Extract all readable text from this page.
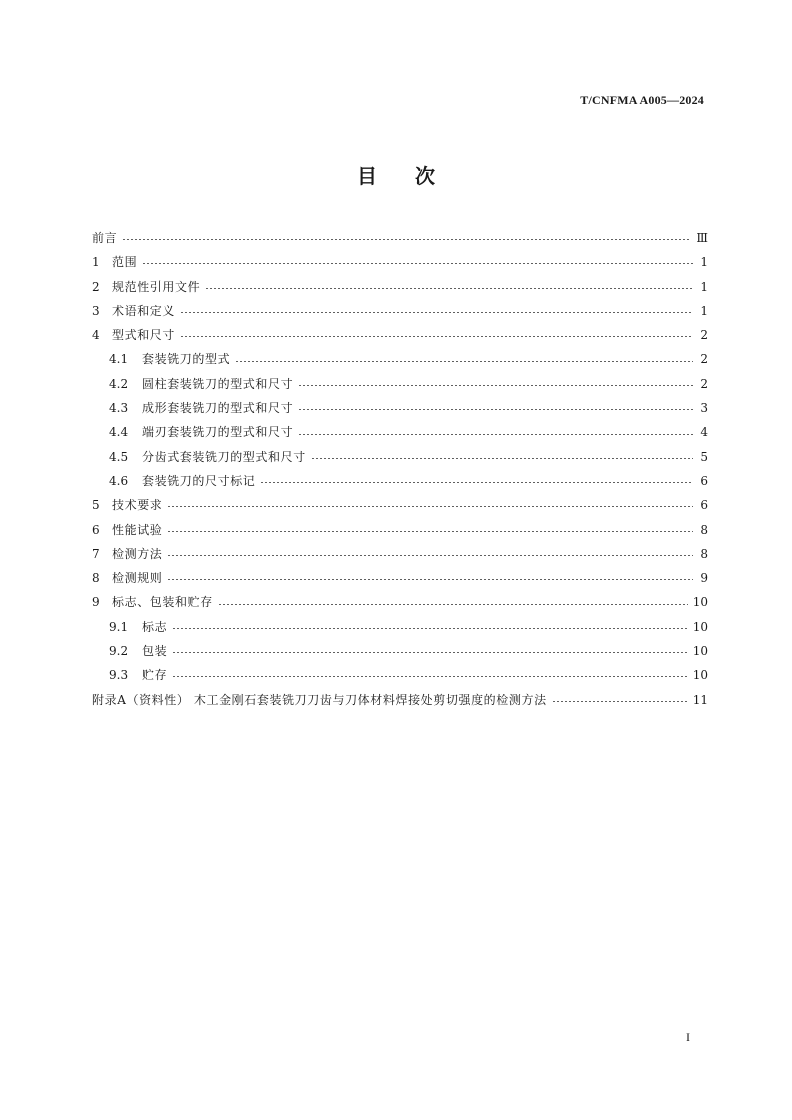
T/CNFMA A005—2024
目次
前言	Ⅲ
1	范围	1
2	规范性引用文件	1
3	术语和定义	1
4	型式和尺寸	2
4.1	套装铣刀的型式	2
4.2	圆柱套装铣刀的型式和尺寸	2
4.3	成形套装铣刀的型式和尺寸	3
4.4	端刃套装铣刀的型式和尺寸	4
4.5	分齿式套装铣刀的型式和尺寸	5
4.6	套装铣刀的尺寸标记	6
5	技术要求	6
6	性能试验	8
7	检测方法	8
8	检测规则	9
9	标志、包装和贮存	10
9.1	标志	10
9.2	包装	10
9.3	贮存	10
附录A（资料性） 木工金刚石套装铣刀刀齿与刀体材料焊接处剪切强度的检测方法	11
I
